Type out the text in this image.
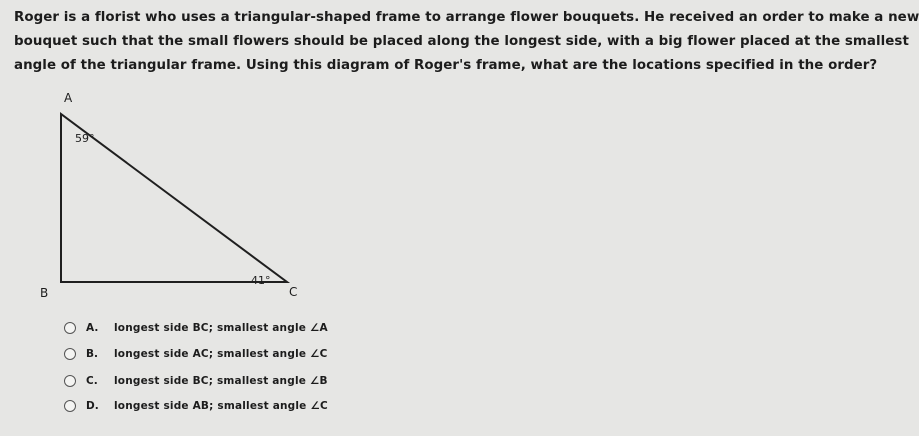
Roger is a florist who uses a triangular-shaped frame to arrange flower bouquets. He received an order to make a new
bouquet such that the small flowers should be placed along the longest side, with a big flower placed at the smallest
angle of the triangular frame. Using this diagram of Roger's frame, what are the locations specified in the order?
A
B	C
59°
41°
A.	longest side BC; smallest angle ∠A
B.	longest side AC; smallest angle ∠C
C.	longest side BC; smallest angle ∠B
D.	longest side AB; smallest angle ∠C
